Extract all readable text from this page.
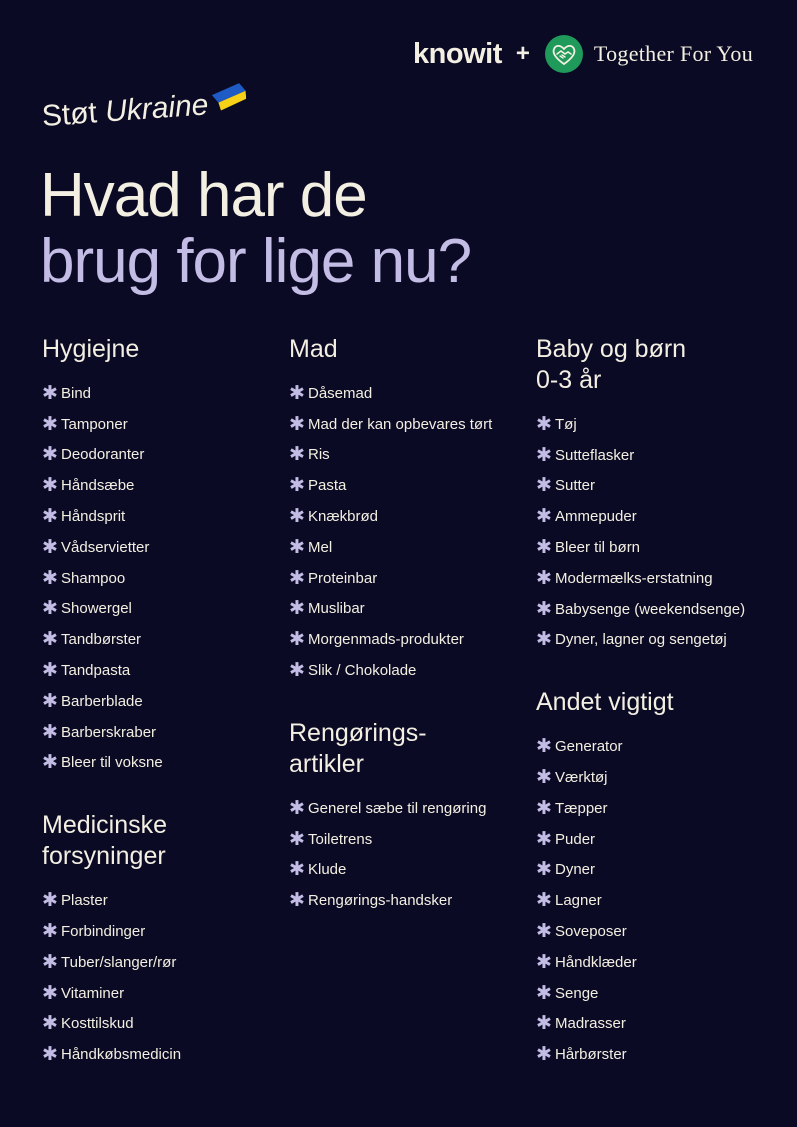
knowit +	Together For You
Støt Ukraine
Hvad har de
brug for lige nu?
Hygiejne
✱ Bind
✱ Tamponer
✱ Deodoranter
✱ Håndsæbe
✱ Håndsprit
✱ Vådservietter
✱ Shampoo
✱ Showergel
✱ Tandbørster
✱ Tandpasta
✱ Barberblade
✱ Barberskraber
✱ Bleer til voksne
Medicinske forsyninger
✱ Plaster
✱ Forbindinger
✱ Tuber/slanger/rør
✱ Vitaminer
✱ Kosttilskud
✱ Håndkøbsmedicin
Mad
✱ Dåsemad
✱ Mad der kan opbevares tørt
✱ Ris
✱ Pasta
✱ Knækbrød
✱ Mel
✱ Proteinbar
✱ Muslibar
✱ Morgenmads-produkter
✱ Slik / Chokolade
Rengørings- artikler
✱ Generel sæbe til rengøring
✱ Toiletrens
✱ Klude
✱ Rengørings-handsker
Baby og børn 0-3 år
✱ Tøj
✱ Sutteflasker
✱ Sutter
✱ Ammepuder
✱ Bleer til børn
✱ Modermælks-erstatning
✱ Babysenge (weekendsenge)
✱ Dyner, lagner og sengetøj
Andet vigtigt
✱ Generator
✱ Værktøj
✱ Tæpper
✱ Puder
✱ Dyner
✱ Lagner
✱ Soveposer
✱ Håndklæder
✱ Senge
✱ Madrasser
✱ Hårbørster
